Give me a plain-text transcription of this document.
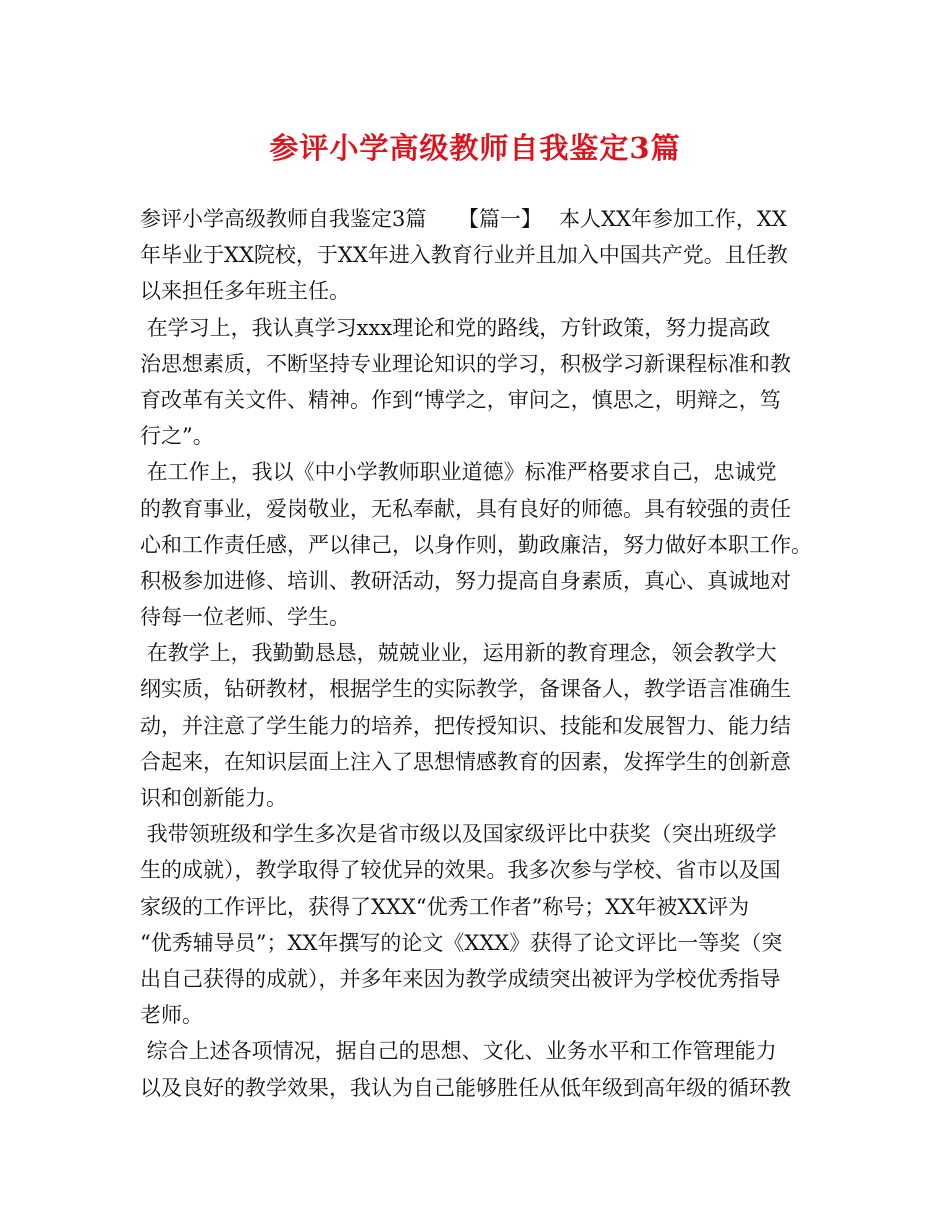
参评小学高级教师自我鉴定3篇
参评小学高级教师自我鉴定3篇　　【篇一】　 本人XX年参加工作，XX
年毕业于XX院校，于XX年进入教育行业并且加入中国共产党。且任教
以来担任多年班主任。
在学习上，我认真学习xxx理论和党的路线，方针政策，努力提高政
治思想素质，不断坚持专业理论知识的学习，积极学习新课程标准和教
育改革有关文件、精神。作到“博学之，审问之，慎思之，明辩之，笃
行之”。
在工作上，我以《中小学教师职业道德》标准严格要求自己，忠诚党
的教育事业，爱岗敬业，无私奉献，具有良好的师德。具有较强的责任
心和工作责任感，严以律己，以身作则，勤政廉洁，努力做好本职工作。
积极参加进修、培训、教研活动，努力提高自身素质，真心、真诚地对
待每一位老师、学生。
在教学上，我勤勤恳恳，兢兢业业，运用新的教育理念，领会教学大
纲实质，钻研教材，根据学生的实际教学，备课备人，教学语言准确生
动，并注意了学生能力的培养，把传授知识、技能和发展智力、能力结
合起来，在知识层面上注入了思想情感教育的因素，发挥学生的创新意
识和创新能力。
我带领班级和学生多次是省市级以及国家级评比中获奖（突出班级学
生的成就），教学取得了较优异的效果。我多次参与学校、省市以及国
家级的工作评比，获得了XXX“优秀工作者”称号；XX年被XX评为
“优秀辅导员”；XX年撰写的论文《XXX》获得了论文评比一等奖（突
出自己获得的成就），并多年来因为教学成绩突出被评为学校优秀指导
老师。
综合上述各项情况，据自己的思想、文化、业务水平和工作管理能力
以及良好的教学效果，我认为自己能够胜任从低年级到高年级的循环教
